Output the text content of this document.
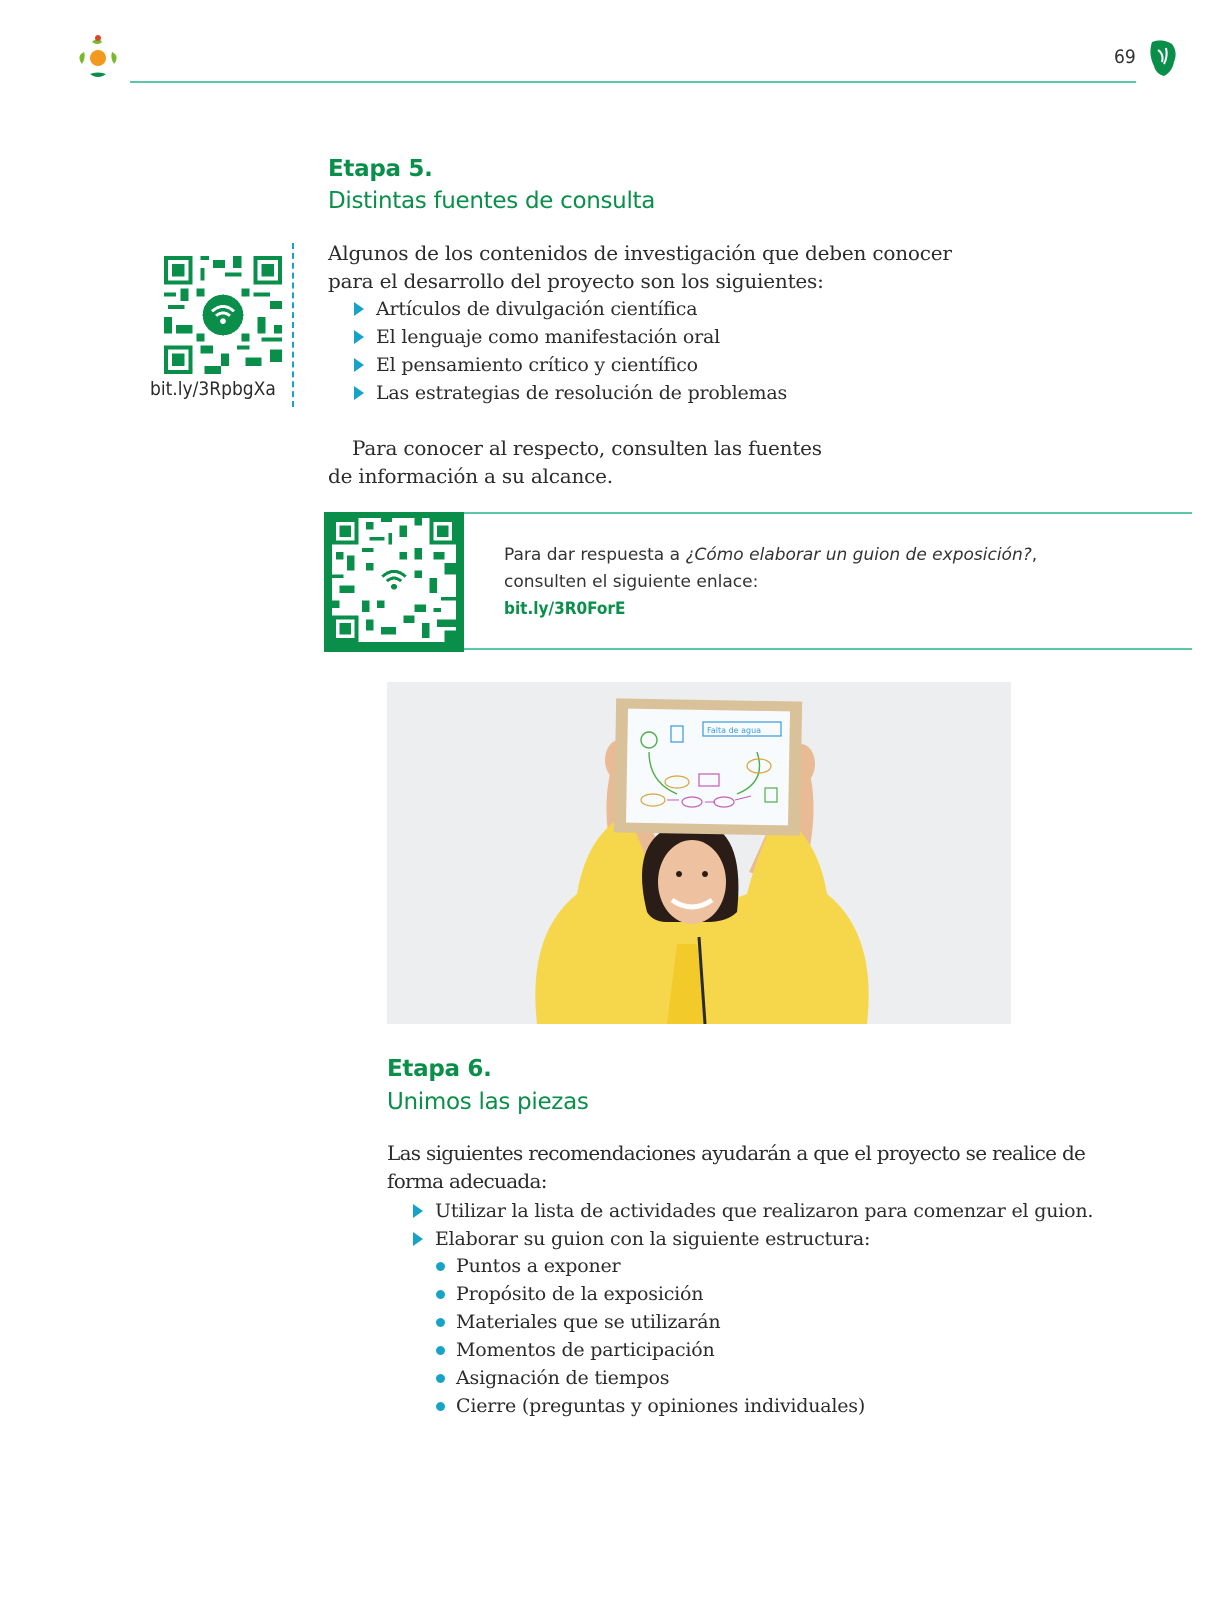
69
Etapa 5.
Distintas fuentes de consulta
Algunos de los contenidos de investigación que deben conocer
para el desarrollo del proyecto son los siguientes:
Artículos de divulgación científica
El lenguaje como manifestación oral
El pensamiento crítico y científico
Las estrategias de resolución de problemas
Para conocer al respecto, consulten las fuentes
de información a su alcance.
bit.ly/3RpbgXa
Para dar respuesta a ¿Cómo elaborar un guion de exposición?,
consulten el siguiente enlace:
bit.ly/3R0ForE
Falta de agua
Etapa 6.
Unimos las piezas
Las siguientes recomendaciones ayudarán a que el proyecto se realice de
forma adecuada:
Utilizar la lista de actividades que realizaron para comenzar el guion.
Elaborar su guion con la siguiente estructura:
Puntos a exponer
Propósito de la exposición
Materiales que se utilizarán
Momentos de participación
Asignación de tiempos
Cierre (preguntas y opiniones individuales)
